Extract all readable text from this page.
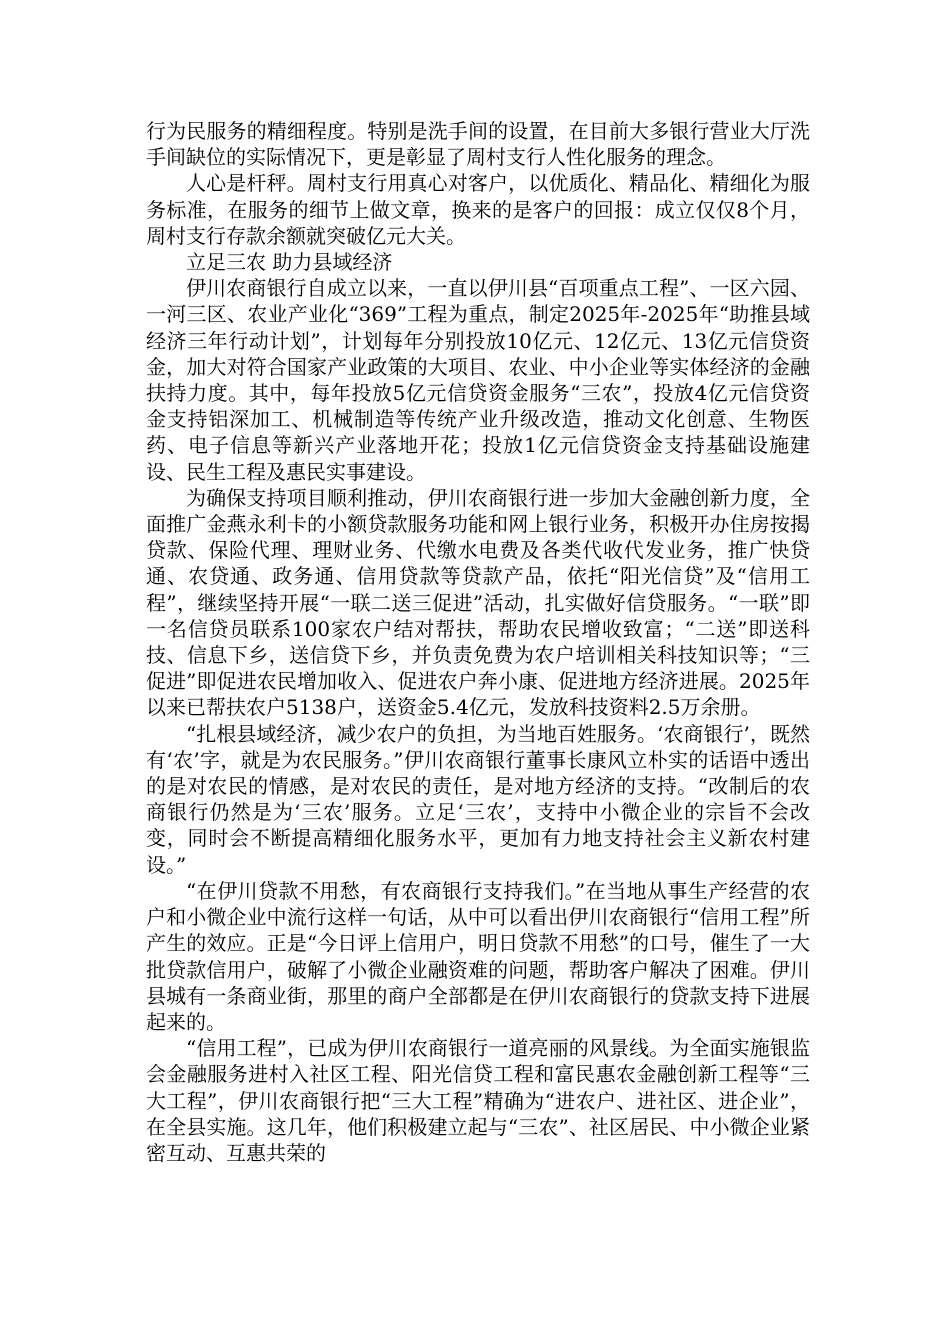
行为民服务的精细程度。特别是洗手间的设置，在目前大多银行营业大厅洗手间缺位的实际情况下，更是彰显了周村支行人性化服务的理念。

人心是杆秤。周村支行用真心对客户，以优质化、精品化、精细化为服务标准，在服务的细节上做文章，换来的是客户的回报：成立仅仅8个月，周村支行存款余额就突破亿元大关。

立足三农 助力县域经济

伊川农商银行自成立以来，一直以伊川县“百项重点工程”、一区六园、一河三区、农业产业化“369”工程为重点，制定2025年-2025年“助推县域经济三年行动计划”，计划每年分别投放10亿元、12亿元、13亿元信贷资金，加大对符合国家产业政策的大项目、农业、中小企业等实体经济的金融扶持力度。其中，每年投放5亿元信贷资金服务“三农”，投放4亿元信贷资金支持铝深加工、机械制造等传统产业升级改造，推动文化创意、生物医药、电子信息等新兴产业落地开花；投放1亿元信贷资金支持基础设施建设、民生工程及惠民实事建设。

为确保支持项目顺利推动，伊川农商银行进一步加大金融创新力度，全面推广金燕永利卡的小额贷款服务功能和网上银行业务，积极开办住房按揭贷款、保险代理、理财业务、代缴水电费及各类代收代发业务，推广快贷通、农贷通、政务通、信用贷款等贷款产品，依托“阳光信贷”及“信用工程”，继续坚持开展“一联二送三促进”活动，扎实做好信贷服务。“一联”即一名信贷员联系100家农户结对帮扶，帮助农民增收致富；“二送”即送科技、信息下乡，送信贷下乡，并负责免费为农户培训相关科技知识等；“三促进”即促进农民增加收入、促进农户奔小康、促进地方经济进展。2025年以来已帮扶农户5138户，送资金5.4亿元，发放科技资料2.5万余册。

“扎根县域经济，减少农户的负担，为当地百姓服务。‘农商银行’，既然有‘农’字，就是为农民服务。”伊川农商银行董事长康风立朴实的话语中透出的是对农民的情感，是对农民的责任，是对地方经济的支持。“改制后的农商银行仍然是为‘三农’服务。立足‘三农’，支持中小微企业的宗旨不会改变，同时会不断提高精细化服务水平，更加有力地支持社会主义新农村建设。”

“在伊川贷款不用愁，有农商银行支持我们。”在当地从事生产经营的农户和小微企业中流行这样一句话，从中可以看出伊川农商银行“信用工程”所产生的效应。正是“今日评上信用户，明日贷款不用愁”的口号，催生了一大批贷款信用户，破解了小微企业融资难的问题，帮助客户解决了困难。伊川县城有一条商业街，那里的商户全部都是在伊川农商银行的贷款支持下进展起来的。

“信用工程”，已成为伊川农商银行一道亮丽的风景线。为全面实施银监会金融服务进村入社区工程、阳光信贷工程和富民惠农金融创新工程等“三大工程”，伊川农商银行把“三大工程”精确为“进农户、进社区、进企业”，在全县实施。这几年，他们积极建立起与“三农”、社区居民、中小微企业紧密互动、互惠共荣的
